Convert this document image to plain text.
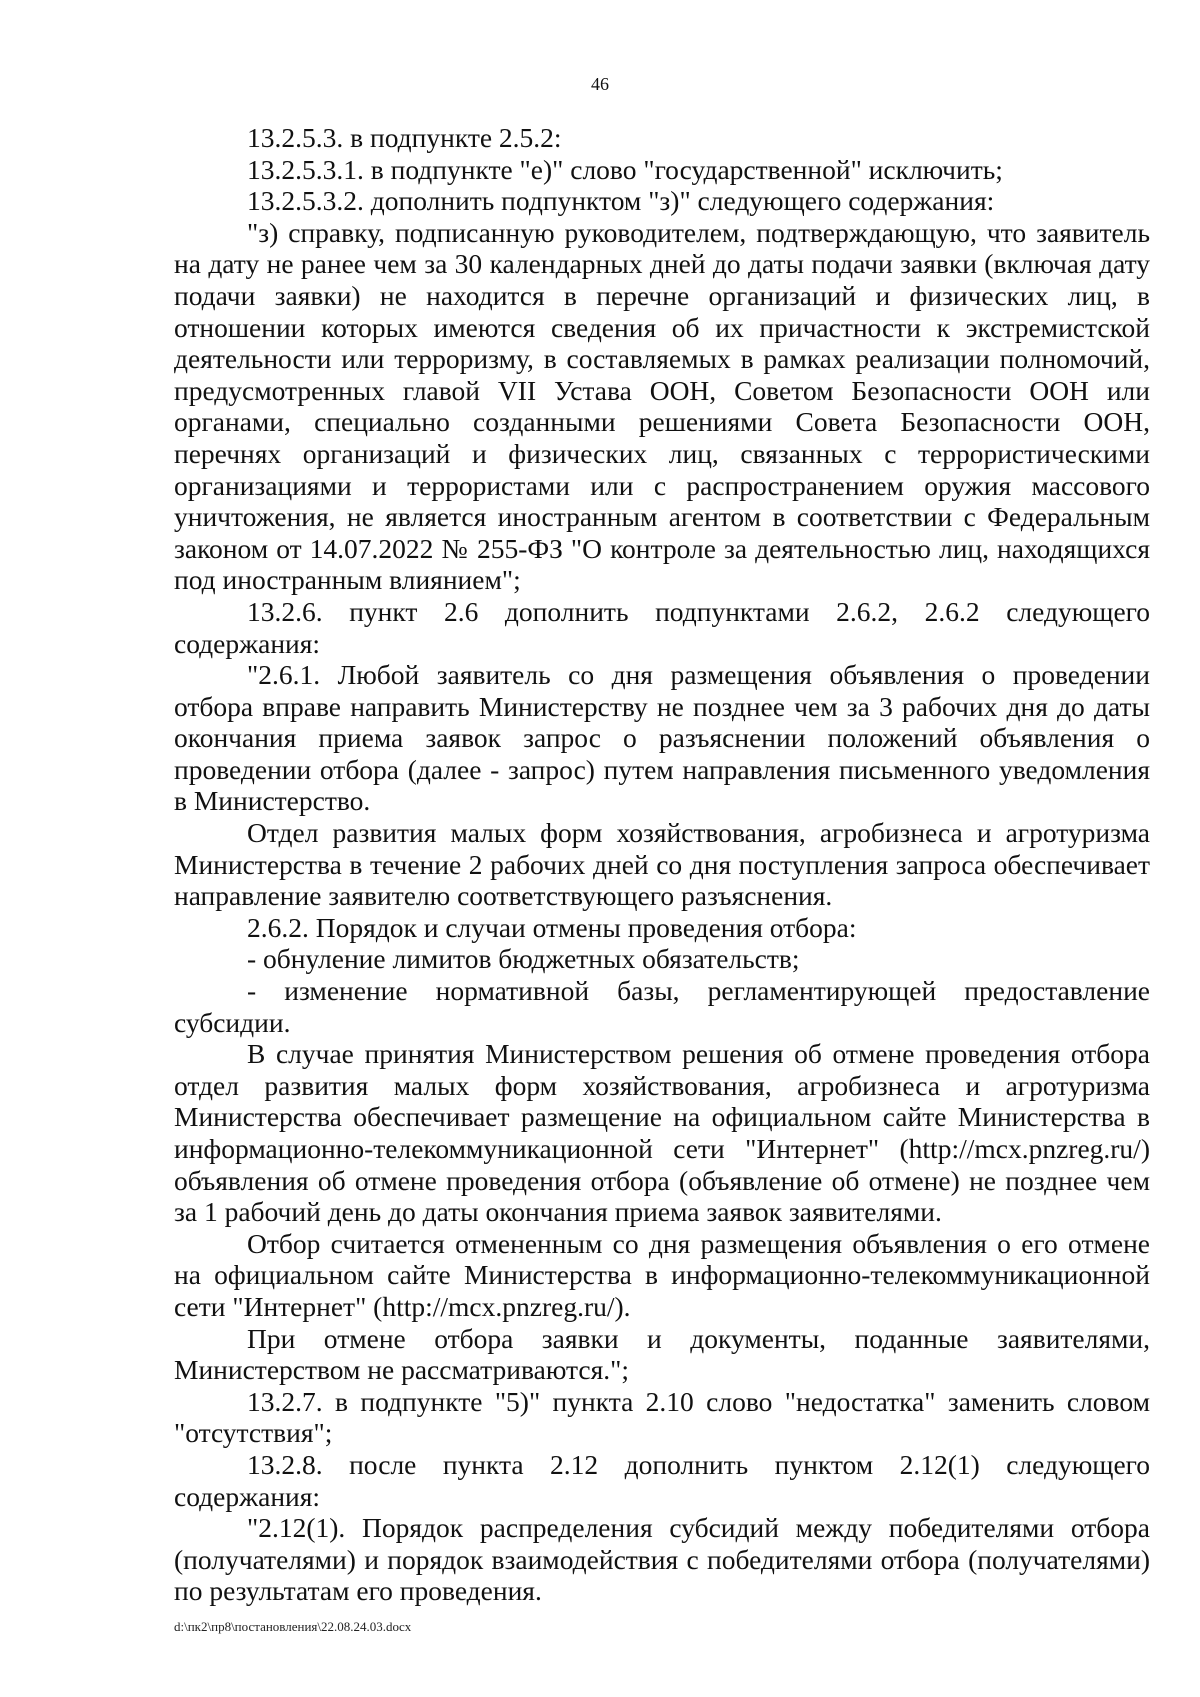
46

13.2.5.3. в подпункте 2.5.2:

13.2.5.3.1. в подпункте "е)" слово "государственной" исключить;

13.2.5.3.2. дополнить подпунктом "з)" следующего содержания:

"з) справку, подписанную руководителем, подтверждающую, что заявитель на дату не ранее чем за 30 календарных дней до даты подачи заявки (включая дату подачи заявки) не находится в перечне организаций и физических лиц, в отношении которых имеются сведения об их причастности к экстремистской деятельности или терроризму, в составляемых в рамках реализации полномочий, предусмотренных главой VII Устава ООН, Советом Безопасности ООН или органами, специально созданными решениями Совета Безопасности ООН, перечнях организаций и физических лиц, связанных с террористическими организациями и террористами или с распространением оружия массового уничтожения, не является иностранным агентом в соответствии с Федеральным законом от 14.07.2022 № 255-ФЗ "О контроле за деятельностью лиц, находящихся под иностранным влиянием";

13.2.6. пункт 2.6 дополнить подпунктами 2.6.2, 2.6.2 следующего содержания:

"2.6.1. Любой заявитель со дня размещения объявления о проведении отбора вправе направить Министерству не позднее чем за 3 рабочих дня до даты окончания приема заявок запрос о разъяснении положений объявления о проведении отбора (далее - запрос) путем направления письменного уведомления в Министерство.

Отдел развития малых форм хозяйствования, агробизнеса и агротуризма Министерства в течение 2 рабочих дней со дня поступления запроса обеспечивает направление заявителю соответствующего разъяснения.

2.6.2. Порядок и случаи отмены проведения отбора:

- обнуление лимитов бюджетных обязательств;

- изменение нормативной базы, регламентирующей предоставление субсидии.

В случае принятия Министерством решения об отмене проведения отбора отдел развития малых форм хозяйствования, агробизнеса и агротуризма Министерства обеспечивает размещение на официальном сайте Министерства в информационно-телекоммуникационной сети "Интернет" (http://mcx.pnzreg.ru/) объявления об отмене проведения отбора (объявление об отмене) не позднее чем за 1 рабочий день до даты окончания приема заявок заявителями.

Отбор считается отмененным со дня размещения объявления о его отмене на официальном сайте Министерства в информационно-телекоммуникационной сети "Интернет" (http://mcx.pnzreg.ru/).

При отмене отбора заявки и документы, поданные заявителями, Министерством не рассматриваются.";

13.2.7. в подпункте "5)" пункта 2.10 слово "недостатка" заменить словом "отсутствия";

13.2.8. после пункта 2.12 дополнить пунктом 2.12(1) следующего содержания:

"2.12(1). Порядок распределения субсидий между победителями отбора (получателями) и порядок взаимодействия с победителями отбора (получателями) по результатам его проведения.

d:\пк2\пр8\постановления\22.08.24.03.docx
